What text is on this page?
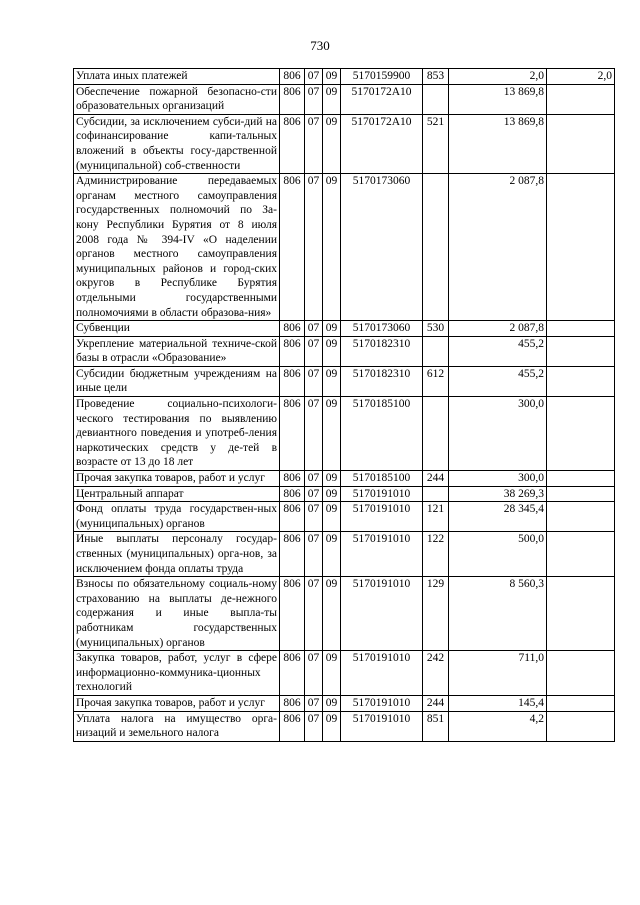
730
Уплата иных платежей	806	07	09	5170159900	853	2,0	2,0
Обеспечение пожарной безопасно-сти образовательных организаций	806	07	09	5170172А10		13 869,8	
Субсидии, за исключением субси-дий на софинансирование капи-тальных вложений в объекты госу-дарственной (муниципальной) соб-ственности	806	07	09	5170172А10	521	13 869,8	
Администрирование передаваемых органам местного самоуправления государственных полномочий по За-кону Республики Бурятия от 8 июля 2008 года № 394-IV «О наделении органов местного самоуправления муниципальных районов и город-ских округов в Республике Бурятия отдельными государственными полномочиями в области образова-ния»	806	07	09	5170173060		2 087,8	
Субвенции	806	07	09	5170173060	530	2 087,8	
Укрепление материальной техниче-ской базы в отрасли «Образование»	806	07	09	5170182310		455,2	
Субсидии бюджетным учреждениям на иные цели	806	07	09	5170182310	612	455,2	
Проведение социально-психологи-ческого тестирования по выявлению девиантного поведения и употреб-ления наркотических средств у де-тей в возрасте от 13 до 18 лет	806	07	09	5170185100		300,0	
Прочая закупка товаров, работ и услуг	806	07	09	5170185100	244	300,0	
Центральный аппарат	806	07	09	5170191010		38 269,3	
Фонд оплаты труда государствен-ных (муниципальных) органов	806	07	09	5170191010	121	28 345,4	
Иные выплаты персоналу государ-ственных (муниципальных) орга-нов, за исключением фонда оплаты труда	806	07	09	5170191010	122	500,0	
Взносы по обязательному социаль-ному страхованию на выплаты де-нежного содержания и иные выпла-ты работникам государственных (муниципальных) органов	806	07	09	5170191010	129	8 560,3	
Закупка товаров, работ, услуг в сфере информационно-коммуника-ционных технологий	806	07	09	5170191010	242	711,0	
Прочая закупка товаров, работ и услуг	806	07	09	5170191010	244	145,4	
Уплата налога на имущество орга-низаций и земельного налога	806	07	09	5170191010	851	4,2	
